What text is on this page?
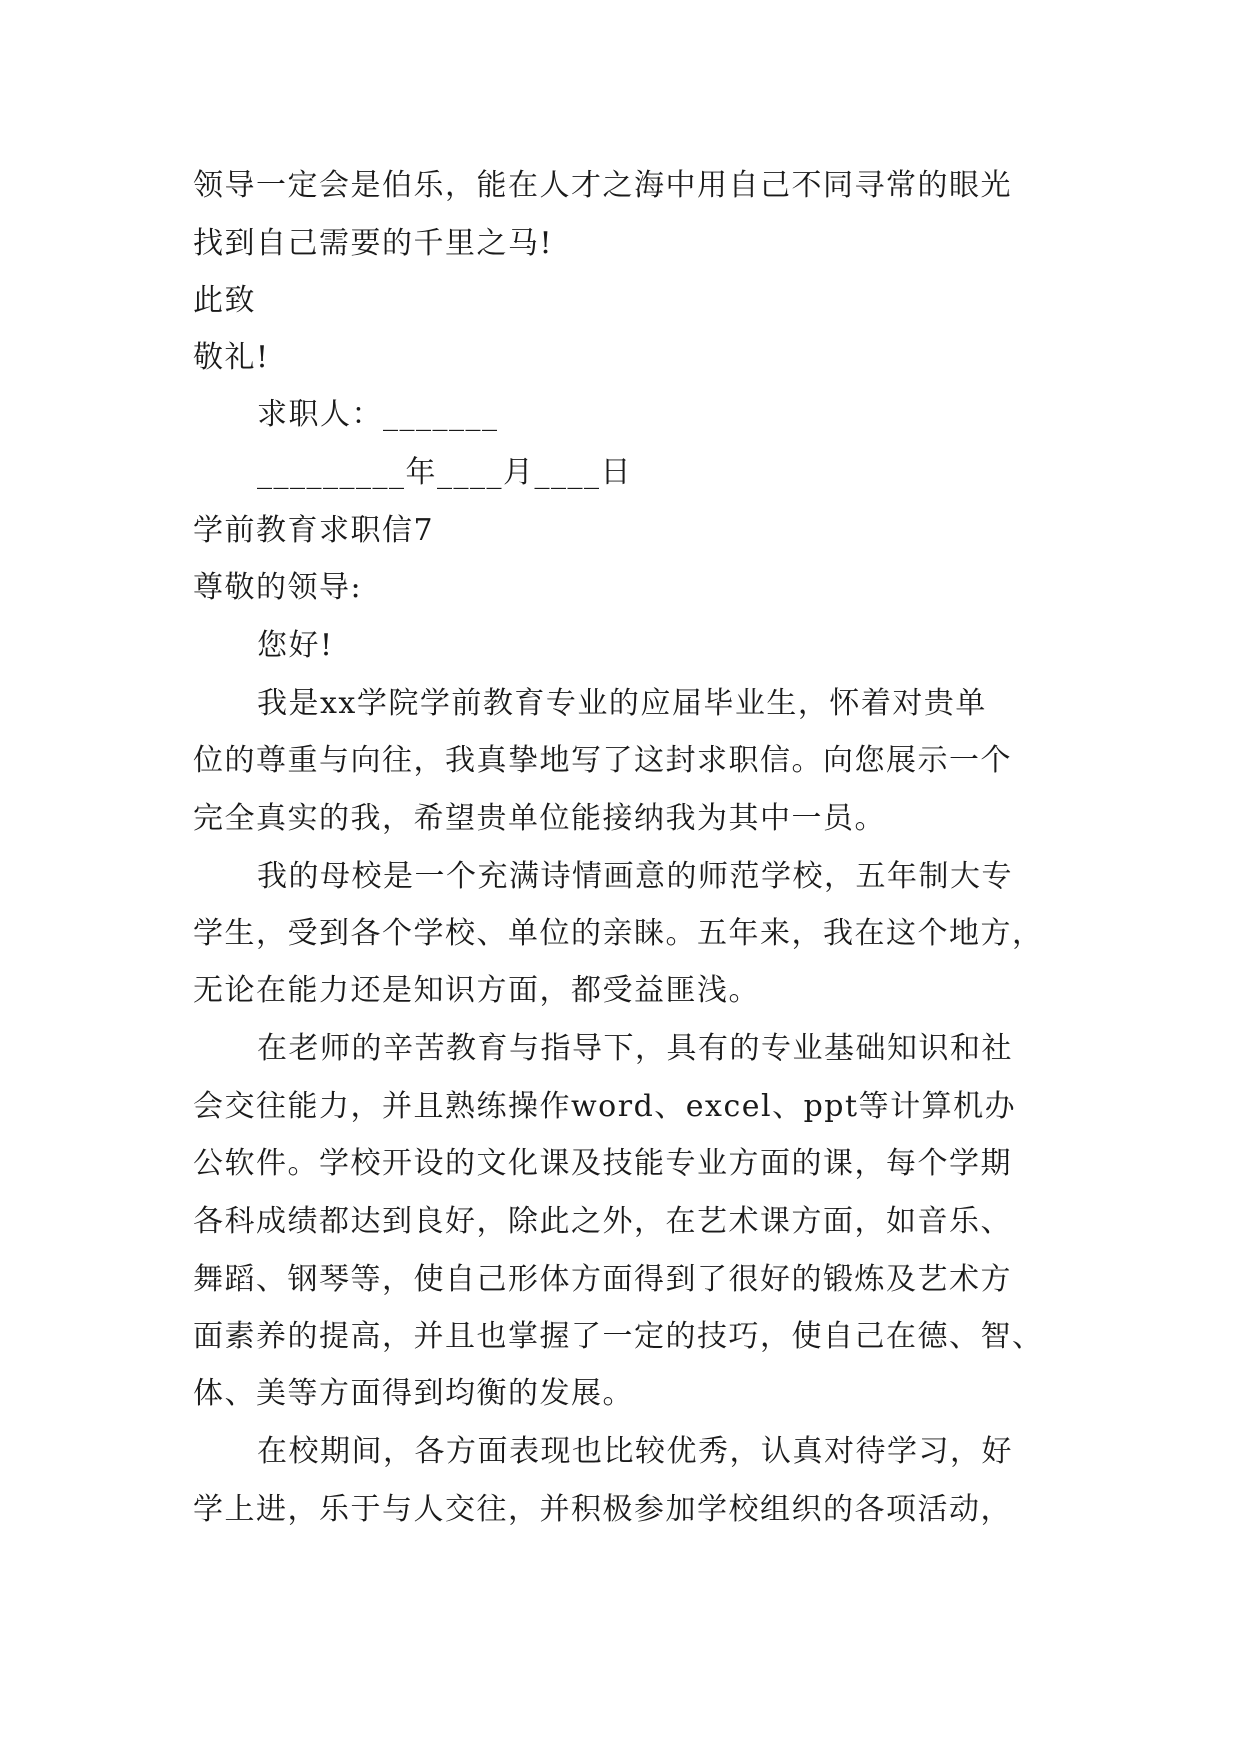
领导一定会是伯乐，能在人才之海中用自己不同寻常的眼光
找到自己需要的千里之马!
此致
敬礼!
求职人：_______
_________年____月____日
学前教育求职信7
尊敬的领导:
您好!
我是xx学院学前教育专业的应届毕业生，怀着对贵单
位的尊重与向往，我真挚地写了这封求职信。向您展示一个
完全真实的我，希望贵单位能接纳我为其中一员。
我的母校是一个充满诗情画意的师范学校，五年制大专
学生，受到各个学校、单位的亲睐。五年来，我在这个地方，
无论在能力还是知识方面，都受益匪浅。
在老师的辛苦教育与指导下，具有的专业基础知识和社
会交往能力，并且熟练操作word、excel、ppt等计算机办
公软件。学校开设的文化课及技能专业方面的课，每个学期
各科成绩都达到良好，除此之外，在艺术课方面，如音乐、
舞蹈、钢琴等，使自己形体方面得到了很好的锻炼及艺术方
面素养的提高，并且也掌握了一定的技巧，使自己在德、智、
体、美等方面得到均衡的发展。
在校期间，各方面表现也比较优秀，认真对待学习，好
学上进，乐于与人交往，并积极参加学校组织的各项活动，
